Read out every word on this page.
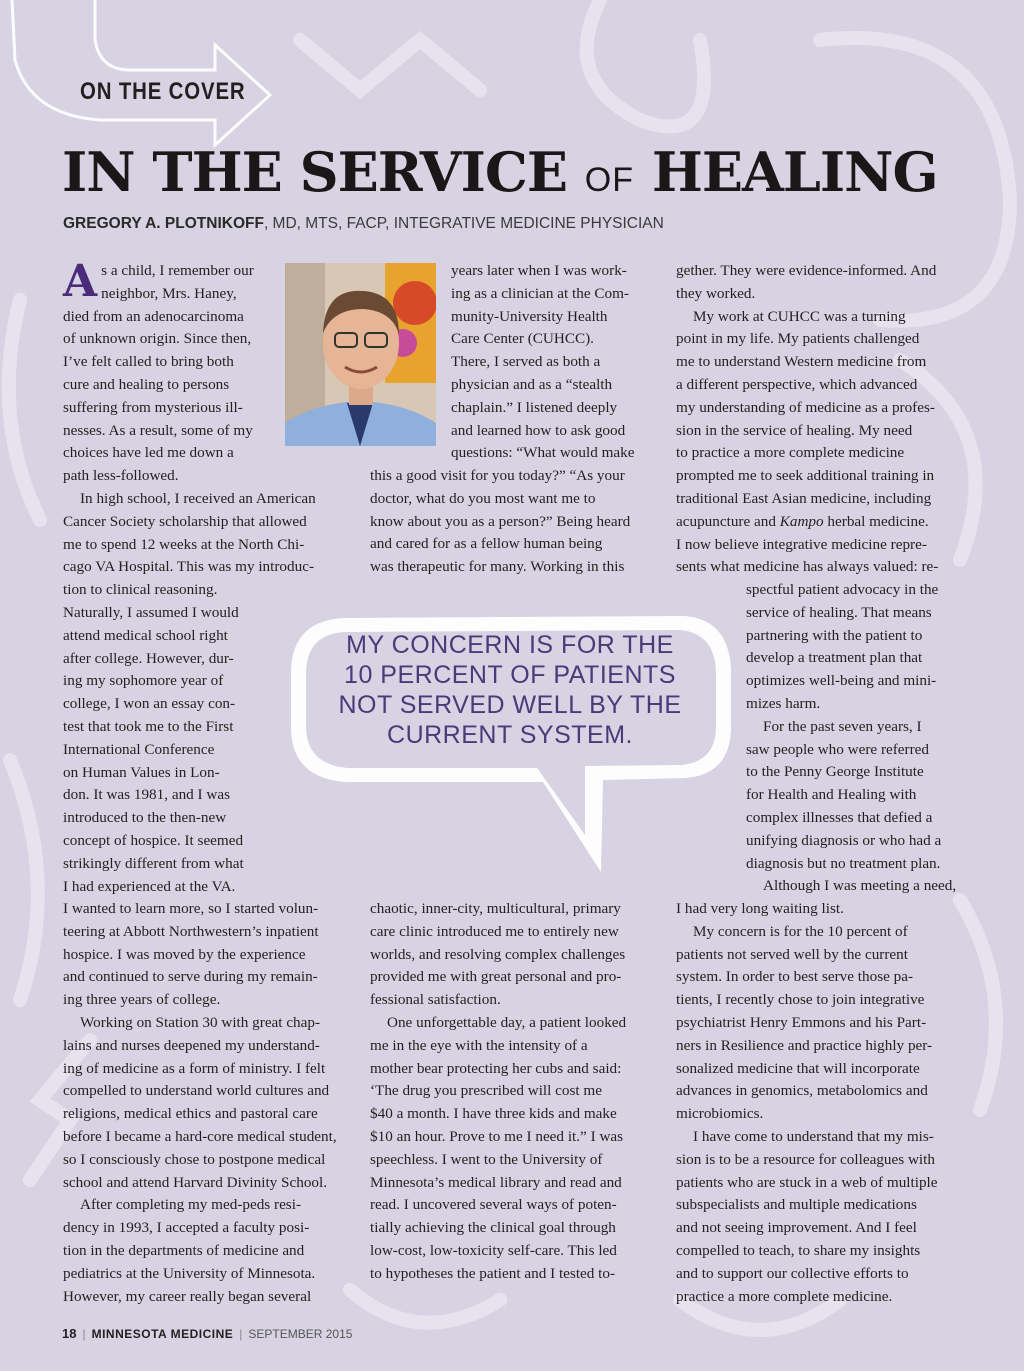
ON THE COVER
IN THE SERVICE OF HEALING
GREGORY A. PLOTNIKOFF, MD, MTS, FACP, INTEGRATIVE MEDICINE PHYSICIAN
A s a child, I remember our

neighbor, Mrs. Haney,

died from an adenocarcinoma

of unknown origin. Since then,

I’ve felt called to bring both

cure and healing to persons

suffering from mysterious ill-

nesses. As a result, some of my

choices have led me down a

path less-followed.

In high school, I received an American

Cancer Society scholarship that allowed

me to spend 12 weeks at the North Chi-

cago VA Hospital. This was my introduc-

tion to clinical reasoning.

Naturally, I assumed I would

attend medical school right

after college. However, dur-

ing my sophomore year of

college, I won an essay con-

test that took me to the First

International Conference

on Human Values in Lon-

don. It was 1981, and I was

introduced to the then-new

concept of hospice. It seemed

strikingly different from what

I had experienced at the VA.

I wanted to learn more, so I started volun-

teering at Abbott Northwestern’s inpatient

hospice. I was moved by the experience

and continued to serve during my remain-

ing three years of college.

Working on Station 30 with great chap-

lains and nurses deepened my understand-

ing of medicine as a form of ministry. I felt

compelled to understand world cultures and

religions, medical ethics and pastoral care

before I became a hard-core medical student,

so I consciously chose to postpone medical

school and attend Harvard Divinity School.

After completing my med-peds resi-

dency in 1993, I accepted a faculty posi-

tion in the departments of medicine and

pediatrics at the University of Minnesota.

However, my career really began several

years later when I was work-

ing as a clinician at the Com-

munity-University Health

Care Center (CUHCC).

There, I served as both a

physician and as a “stealth

chaplain.” I listened deeply

and learned how to ask good

questions: “What would make

this a good visit for you today?” “As your

doctor, what do you most want me to

know about you as a person?” Being heard

and cared for as a fellow human being

was therapeutic for many. Working in this

chaotic, inner-city, multicultural, primary

care clinic introduced me to entirely new

worlds, and resolving complex challenges

provided me with great personal and pro-

fessional satisfaction.

One unforgettable day, a patient looked

me in the eye with the intensity of a

mother bear protecting her cubs and said:

‘The drug you prescribed will cost me

$40 a month. I have three kids and make

$10 an hour. Prove to me I need it.” I was

speechless. I went to the University of

Minnesota’s medical library and read and

read. I uncovered several ways of poten-

tially achieving the clinical goal through

low-cost, low-toxicity self-care. This led

to hypotheses the patient and I tested to-

gether. They were evidence-informed. And

they worked.

My work at CUHCC was a turning

point in my life. My patients challenged

me to understand Western medicine from

a different perspective, which advanced

my understanding of medicine as a profes-

sion in the service of healing. My need

to practice a more complete medicine

prompted me to seek additional training in

traditional East Asian medicine, including

acupuncture and Kampo herbal medicine.

I now believe integrative medicine repre-

sents what medicine has always valued: re-

spectful patient advocacy in the

service of healing. That means

partnering with the patient to

develop a treatment plan that

optimizes well-being and mini-

mizes harm.

For the past seven years, I

saw people who were referred

to the Penny George Institute

for Health and Healing with

complex illnesses that defied a

unifying diagnosis or who had a

diagnosis but no treatment plan.

Although I was meeting a need,

I had very long waiting list.

My concern is for the 10 percent of

patients not served well by the current

system. In order to best serve those pa-

tients, I recently chose to join integrative

psychiatrist Henry Emmons and his Part-

ners in Resilience and practice highly per-

sonalized medicine that will incorporate

advances in genomics, metabolomics and

microbiomics.

I have come to understand that my mis-

sion is to be a resource for colleagues with

patients who are stuck in a web of multiple

subspecialists and multiple medications

and not seeing improvement. And I feel

compelled to teach, to share my insights

and to support our collective efforts to

practice a more complete medicine.

MY CONCERN IS FOR THE
10 PERCENT OF PATIENTS
NOT SERVED WELL BY THE
CURRENT SYSTEM.
18 | MINNESOTA MEDICINE | SEPTEMBER 2015
